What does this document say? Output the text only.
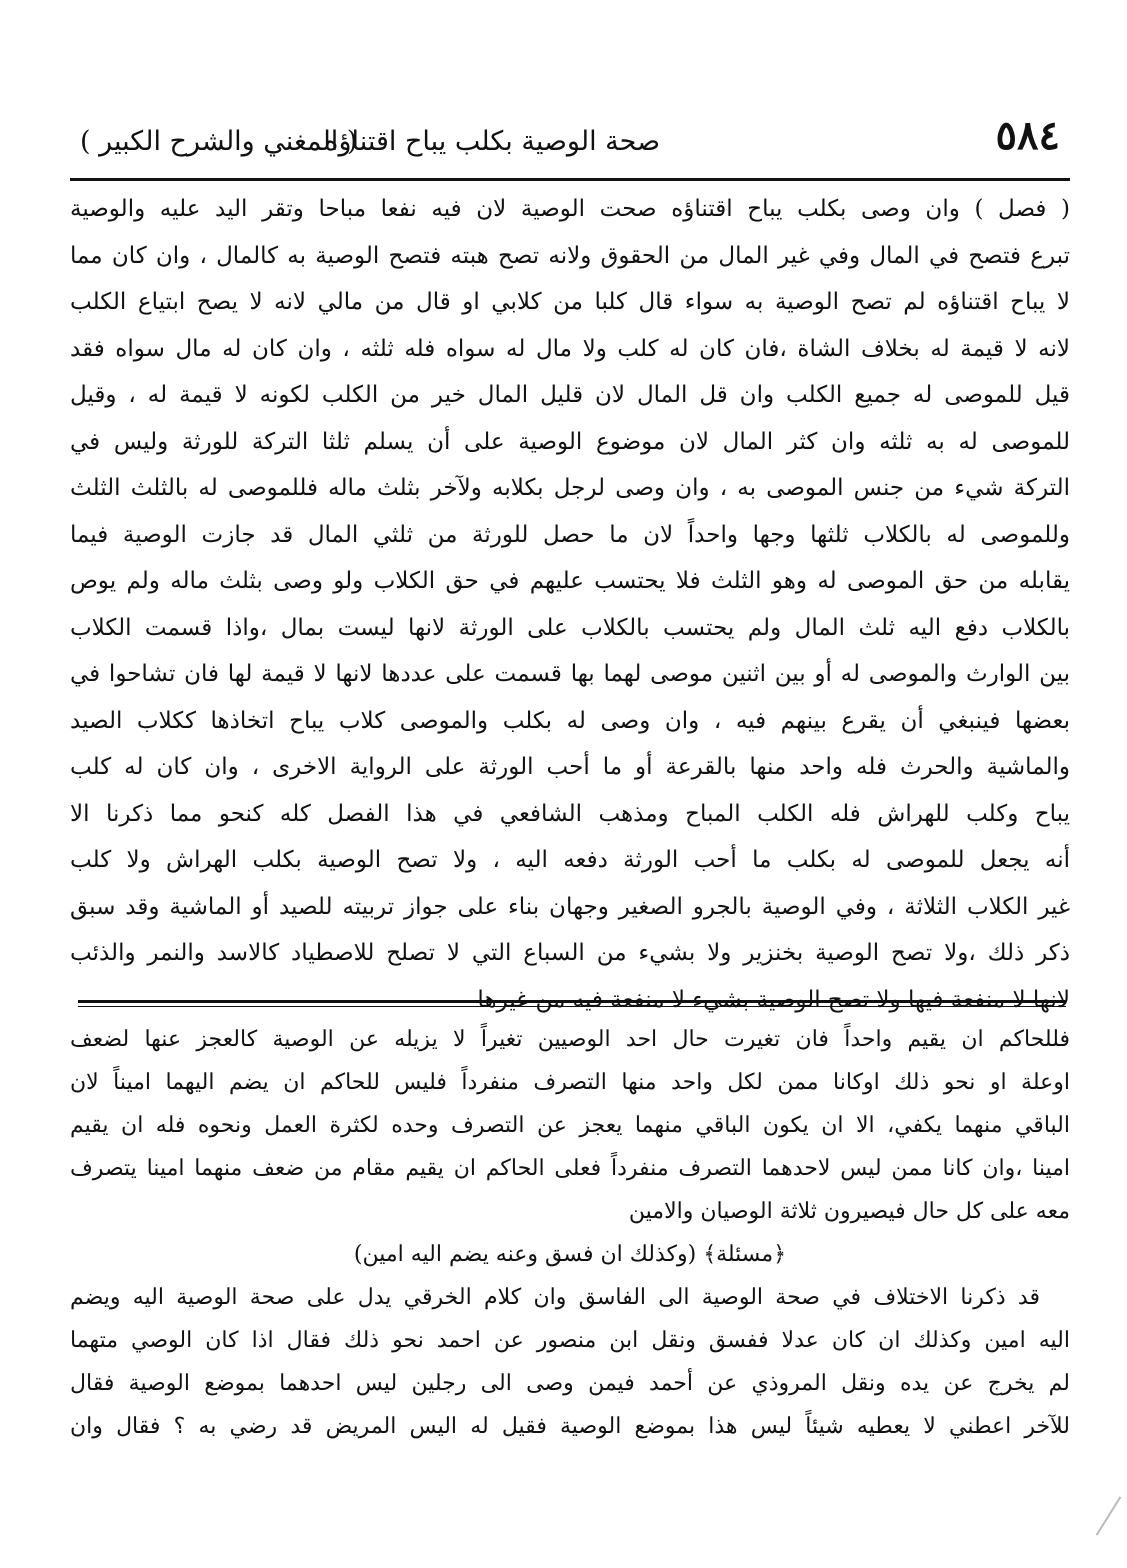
٥٨٤
صحة الوصية بكلب يباح اقتناؤه
( المغني والشرح الكبير )
( فصل ) وان وصى بكلب يباح اقتناؤه صحت الوصية لان فيه نفعا مباحا وتقر اليد عليه والوصية
تبرع فتصح في المال وفي غير المال من الحقوق ولانه تصح هبته فتصح الوصية به كالمال ، وان كان مما
لا يباح اقتناؤه لم تصح الوصية به سواء قال كلبا من كلابي او قال من مالي لانه لا يصح ابتياع الكلب
لانه لا قيمة له بخلاف الشاة ،فان كان له كلب ولا مال له سواه فله ثلثه ، وان كان له مال سواه فقد
قيل للموصى له جميع الكلب وان قل المال لان قليل المال خير من الكلب لكونه لا قيمة له ، وقيل
للموصى له به ثلثه وان كثر المال لان موضوع الوصية على أن يسلم ثلثا التركة للورثة وليس في
التركة شيء من جنس الموصى به ، وان وصى لرجل بكلابه ولآخر بثلث ماله فللموصى له بالثلث الثلث
وللموصى له بالكلاب ثلثها وجها واحداً لان ما حصل للورثة من ثلثي المال قد جازت الوصية فيما
يقابله من حق الموصى له وهو الثلث فلا يحتسب عليهم في حق الكلاب ولو وصى بثلث ماله ولم يوص
بالكلاب دفع اليه ثلث المال ولم يحتسب بالكلاب على الورثة لانها ليست بمال ،واذا قسمت الكلاب
بين الوارث والموصى له أو بين اثنين موصى لهما بها قسمت على عددها لانها لا قيمة لها فان تشاحوا في
بعضها فينبغي أن يقرع بينهم فيه ، وان وصى له بكلب والموصى كلاب يباح اتخاذها ككلاب الصيد
والماشية والحرث فله واحد منها بالقرعة أو ما أحب الورثة على الرواية الاخرى ، وان كان له كلب
يباح وكلب للهراش فله الكلب المباح ومذهب الشافعي في هذا الفصل كله كنحو مما ذكرنا الا
أنه يجعل للموصى له بكلب ما أحب الورثة دفعه اليه ، ولا تصح الوصية بكلب الهراش ولا كلب
غير الكلاب الثلاثة ، وفي الوصية بالجرو الصغير وجهان بناء على جواز تربيته للصيد أو الماشية وقد سبق
ذكر ذلك ،ولا تصح الوصية بخنزير ولا بشيء من السباع التي لا تصلح للاصطياد كالاسد والنمر والذئب
لانها لا منفعة فيها ولا تصح الوصية بشيء لا منفعة فيه من غيرها
فللحاكم ان يقيم واحداً فان تغيرت حال احد الوصيين تغيراً لا يزيله عن الوصية كالعجز عنها لضعف
اوعلة او نحو ذلك اوكانا ممن لكل واحد منها التصرف منفرداً فليس للحاكم ان يضم اليهما اميناً لان
الباقي منهما يكفي، الا ان يكون الباقي منهما يعجز عن التصرف وحده لكثرة العمل ونحوه فله ان يقيم
امينا ،وان كانا ممن ليس لاحدهما التصرف منفرداً فعلى الحاكم ان يقيم مقام من ضعف منهما امينا يتصرف
معه على كل حال فيصيرون ثلاثة الوصيان والامين
﴿مسئلة﴾ (وكذلك ان فسق وعنه يضم اليه امين)
قد ذكرنا الاختلاف في صحة الوصية الى الفاسق وان كلام الخرقي يدل على صحة الوصية اليه ويضم
اليه امين وكذلك ان كان عدلا ففسق ونقل ابن منصور عن احمد نحو ذلك فقال اذا كان الوصي متهما
لم يخرج عن يده ونقل المروذي عن أحمد فيمن وصى الى رجلين ليس احدهما بموضع الوصية فقال
للآخر اعطني لا يعطيه شيئاً ليس هذا بموضع الوصية فقيل له اليس المريض قد رضي به ؟ فقال وان
